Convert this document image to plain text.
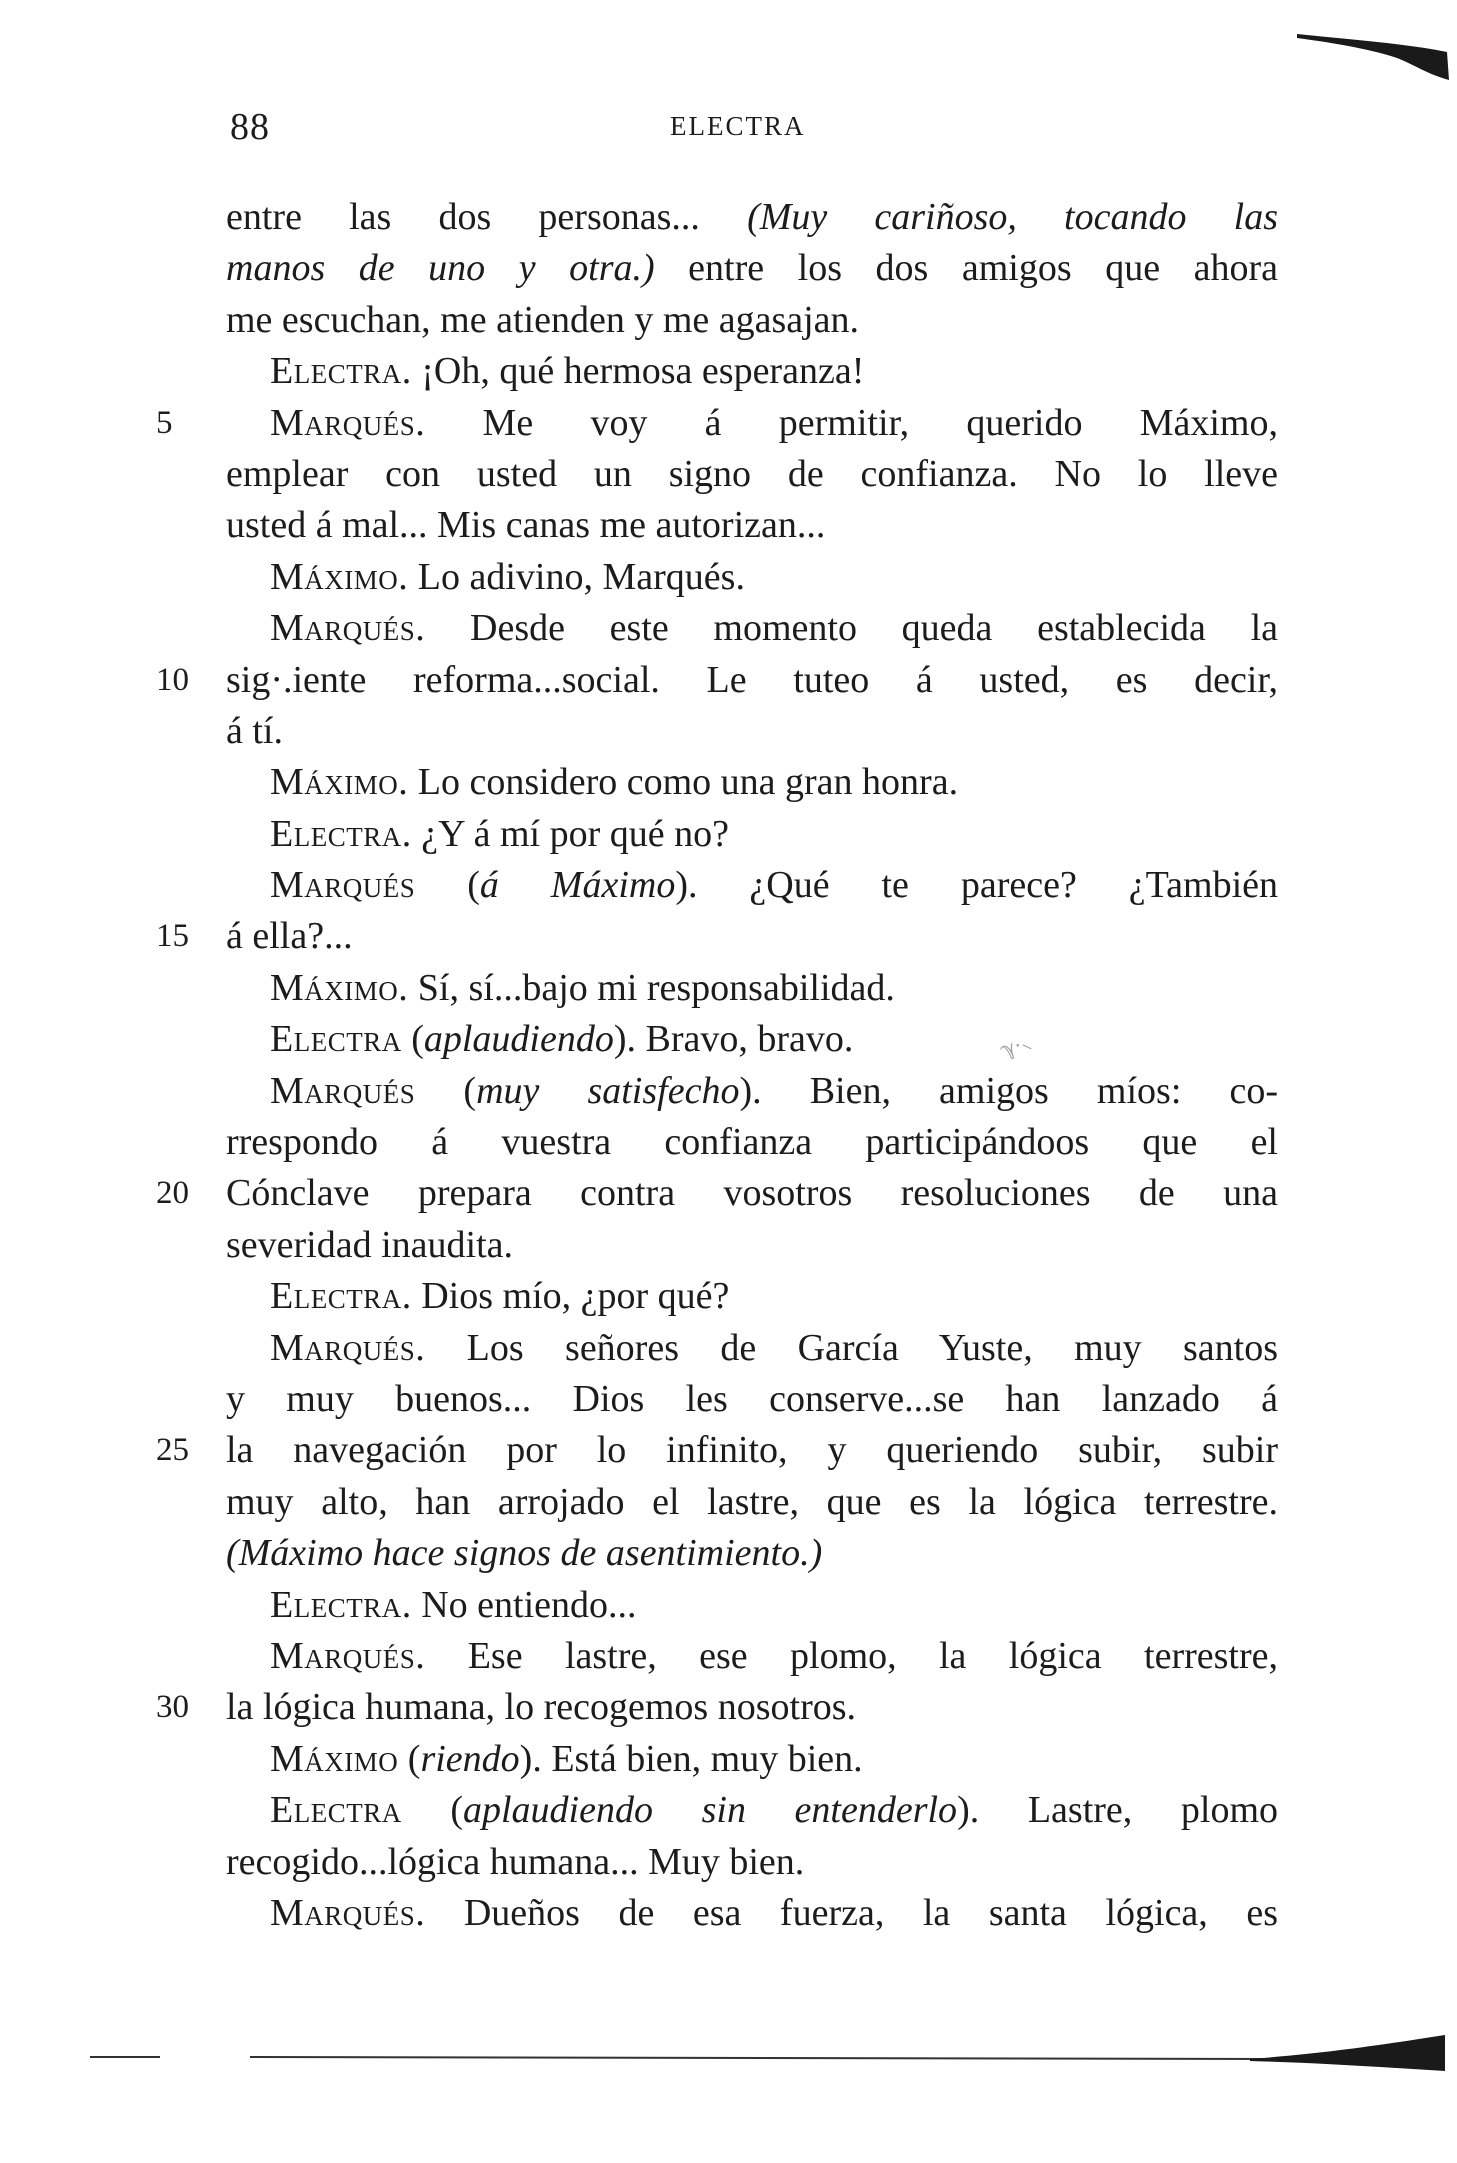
88	ELECTRA
ℽ·⸜
entre las dos personas... (Muy cariñoso, tocando las
manos de uno y otra.) entre los dos amigos que ahora
me escuchan, me atienden y me agasajan.
Electra. ¡Oh, qué hermosa esperanza!
5	Marqués. Me voy á permitir, querido Máximo,
emplear con usted un signo de confianza. No lo lleve
usted á mal... Mis canas me autorizan...
Máximo. Lo adivino, Marqués.
Marqués. Desde este momento queda establecida la
10 sig·.iente reforma...social. Le tuteo á usted, es decir,
á tí.
Máximo. Lo considero como una gran honra.
Electra. ¿Y á mí por qué no?
Marqués (á Máximo). ¿Qué te parece? ¿También
15 á ella?...
Máximo. Sí, sí...bajo mi responsabilidad.
Electra (aplaudiendo). Bravo, bravo.
Marqués (muy satisfecho). Bien, amigos míos: co-
rrespondo á vuestra confianza participándoos que el
20 Cónclave prepara contra vosotros resoluciones de una
severidad inaudita.
Electra. Dios mío, ¿por qué?
Marqués. Los señores de García Yuste, muy santos
y muy buenos... Dios les conserve...se han lanzado á
25 la navegación por lo infinito, y queriendo subir, subir
muy alto, han arrojado el lastre, que es la lógica terrestre.
(Máximo hace signos de asentimiento.)
Electra. No entiendo...
Marqués. Ese lastre, ese plomo, la lógica terrestre,
30 la lógica humana, lo recogemos nosotros.
Máximo (riendo). Está bien, muy bien.
Electra (aplaudiendo sin entenderlo). Lastre, plomo
recogido...lógica humana... Muy bien.
Marqués. Dueños de esa fuerza, la santa lógica, es
